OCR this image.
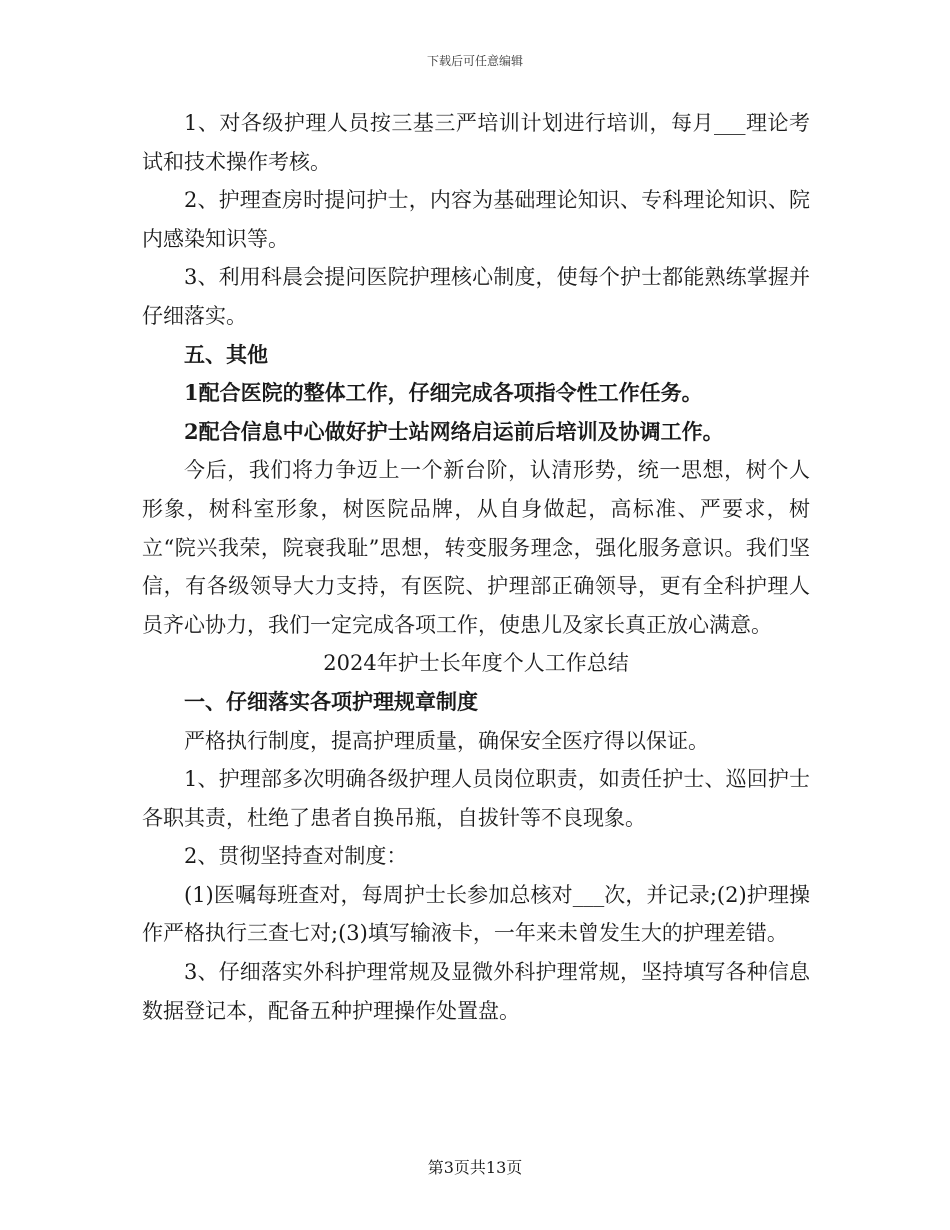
下载后可任意编辑

1、对各级护理人员按三基三严培训计划进行培训，每月___理论考试和技术操作考核。

2、护理查房时提问护士，内容为基础理论知识、专科理论知识、院内感染知识等。

3、利用科晨会提问医院护理核心制度，使每个护士都能熟练掌握并仔细落实。

五、其他

1配合医院的整体工作，仔细完成各项指令性工作任务。

2配合信息中心做好护士站网络启运前后培训及协调工作。

今后，我们将力争迈上一个新台阶，认清形势，统一思想，树个人形象，树科室形象，树医院品牌，从自身做起，高标准、严要求，树立“院兴我荣，院衰我耻”思想，转变服务理念，强化服务意识。我们坚信，有各级领导大力支持，有医院、护理部正确领导，更有全科护理人员齐心协力，我们一定完成各项工作，使患儿及家长真正放心满意。

2024年护士长年度个人工作总结

一、仔细落实各项护理规章制度

严格执行制度，提高护理质量，确保安全医疗得以保证。

1、护理部多次明确各级护理人员岗位职责，如责任护士、巡回护士各职其责，杜绝了患者自换吊瓶，自拔针等不良现象。

2、贯彻坚持查对制度：

(1)医嘱每班查对，每周护士长参加总核对___次，并记录;(2)护理操作严格执行三查七对;(3)填写输液卡，一年来未曾发生大的护理差错。

3、仔细落实外科护理常规及显微外科护理常规，坚持填写各种信息数据登记本，配备五种护理操作处置盘。

第3页共13页
